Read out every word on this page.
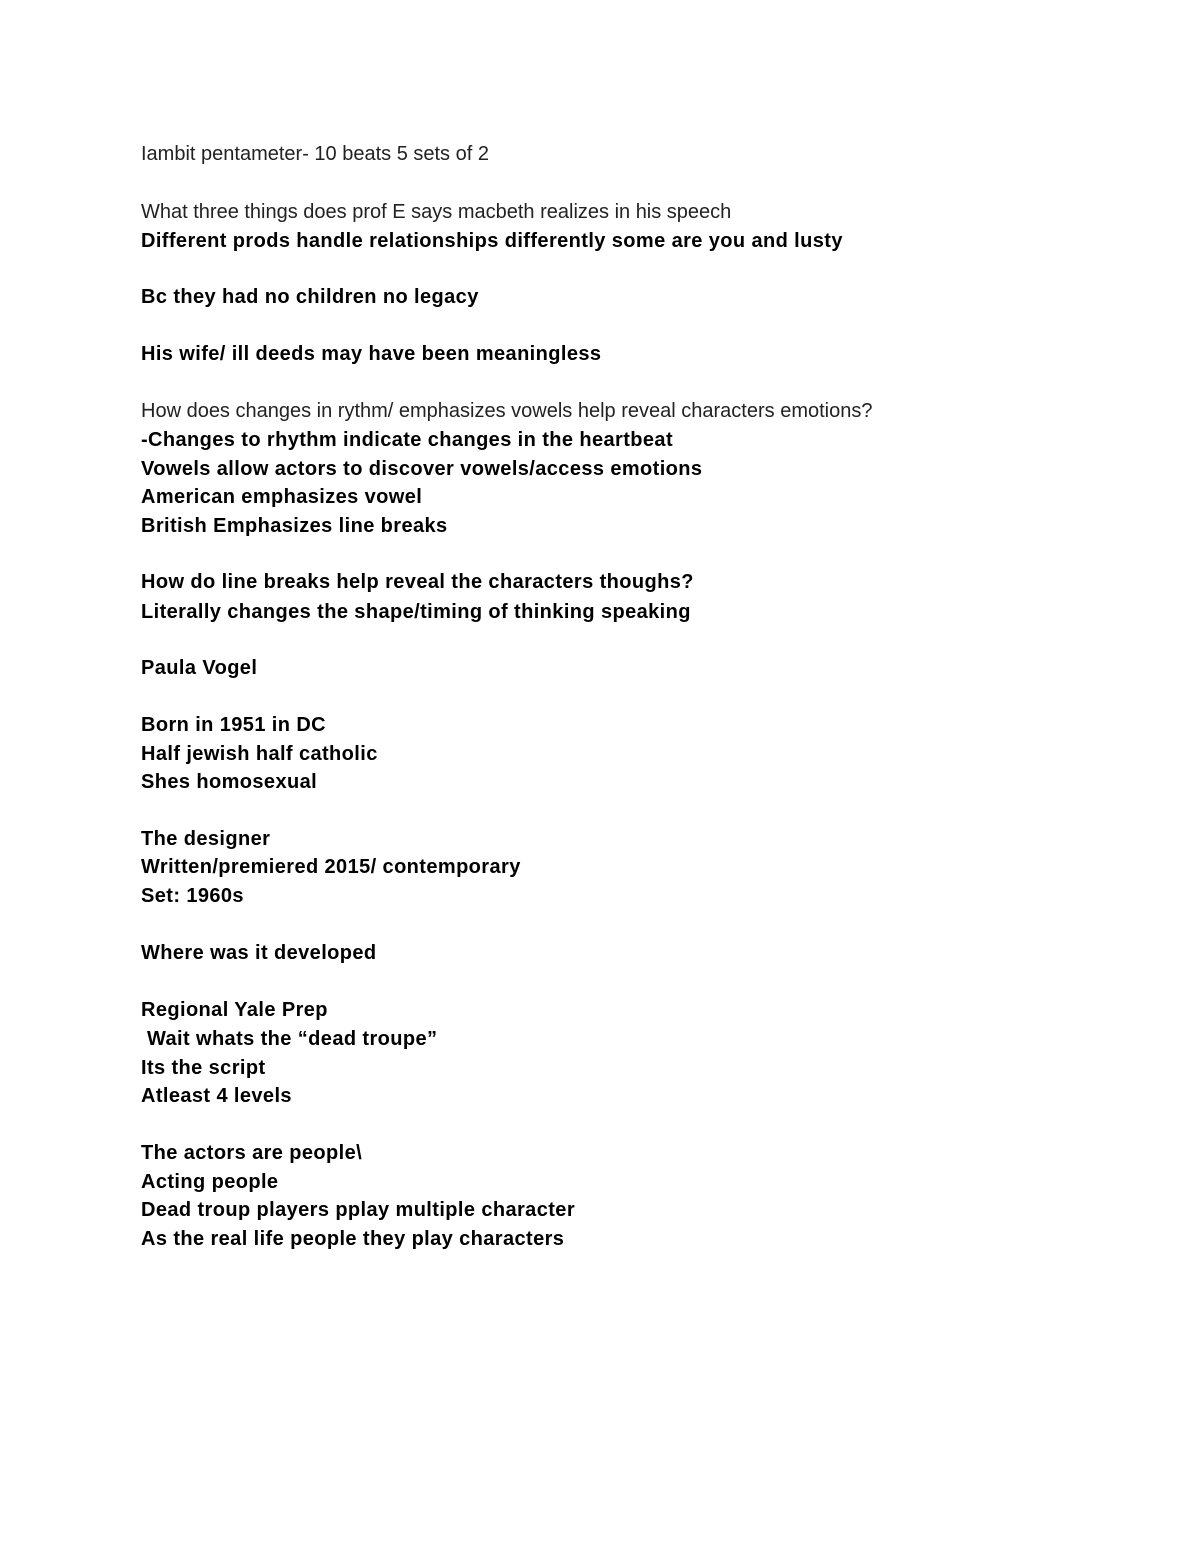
Iambit pentameter- 10 beats 5 sets of 2
What three things does prof E says macbeth realizes in his speech
Different prods handle relationships differently some are you and lusty
Bc they had no children no legacy
His wife/ ill deeds may have been meaningless
How does changes in rythm/ emphasizes vowels help reveal characters emotions?
-Changes to rhythm indicate changes in the heartbeat
Vowels allow actors to discover vowels/access emotions
American emphasizes vowel
British Emphasizes line breaks
How do line breaks help reveal the characters thoughs?
Literally changes the shape/timing of thinking speaking
Paula Vogel
Born in 1951 in DC
Half jewish half catholic
Shes homosexual
The designer
Written/premiered 2015/ contemporary
Set: 1960s
Where was it developed
Regional Yale Prep
Wait whats the “dead troupe”
Its the script
Atleast 4 levels
The actors are people\
Acting people
Dead troup players pplay multiple character
As the real life people they play characters
